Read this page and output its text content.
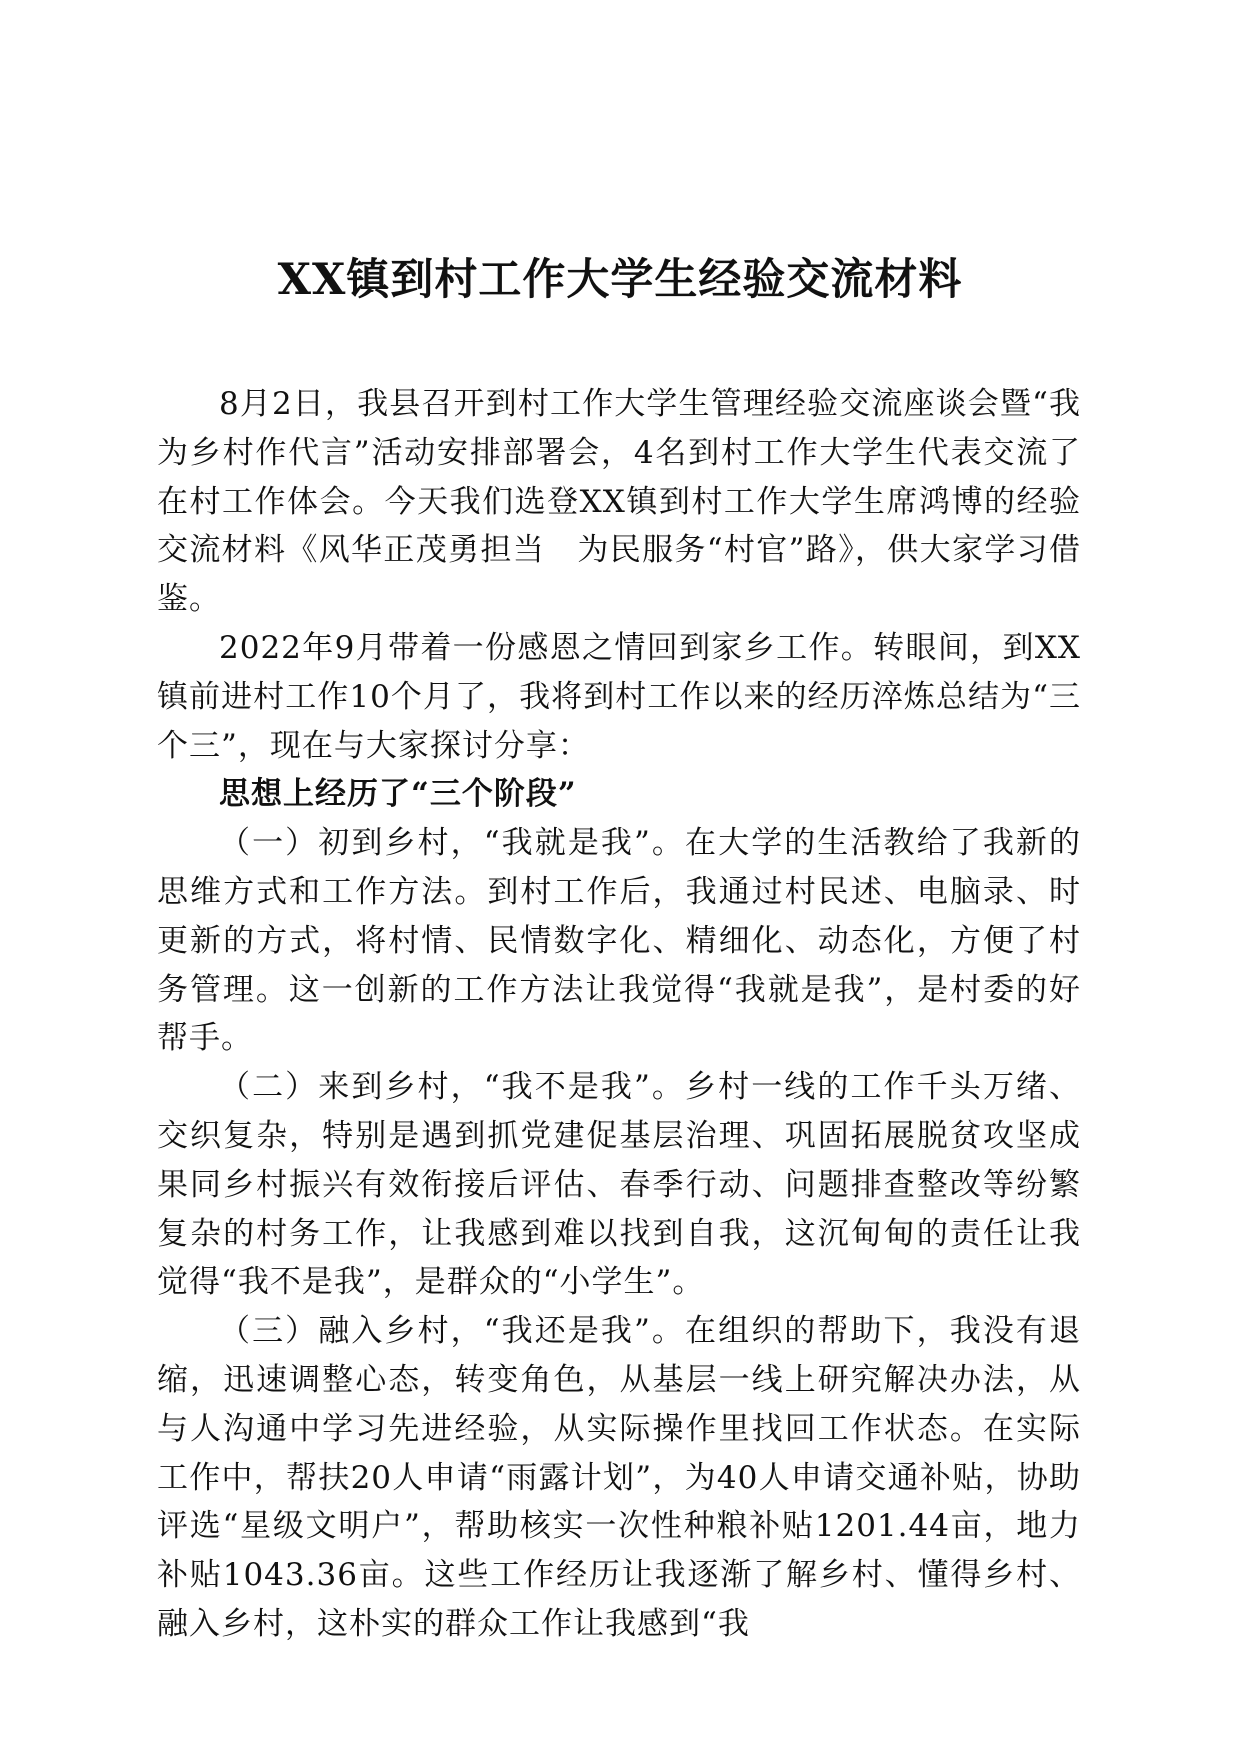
XX镇到村工作大学生经验交流材料

8月2日，我县召开到村工作大学生管理经验交流座谈会暨“我为乡村作代言”活动安排部署会，4名到村工作大学生代表交流了在村工作体会。今天我们选登XX镇到村工作大学生席鸿博的经验交流材料《风华正茂勇担当　为民服务“村官”路》，供大家学习借鉴。

2022年9月带着一份感恩之情回到家乡工作。转眼间，到XX镇前进村工作10个月了，我将到村工作以来的经历淬炼总结为“三个三”，现在与大家探讨分享：

思想上经历了“三个阶段”

（一）初到乡村，“我就是我”。在大学的生活教给了我新的思维方式和工作方法。到村工作后，我通过村民述、电脑录、时更新的方式，将村情、民情数字化、精细化、动态化，方便了村务管理。这一创新的工作方法让我觉得“我就是我”，是村委的好帮手。

（二）来到乡村，“我不是我”。乡村一线的工作千头万绪、交织复杂，特别是遇到抓党建促基层治理、巩固拓展脱贫攻坚成果同乡村振兴有效衔接后评估、春季行动、问题排查整改等纷繁复杂的村务工作，让我感到难以找到自我，这沉甸甸的责任让我觉得“我不是我”，是群众的“小学生”。

（三）融入乡村，“我还是我”。在组织的帮助下，我没有退缩，迅速调整心态，转变角色，从基层一线上研究解决办法，从与人沟通中学习先进经验，从实际操作里找回工作状态。在实际工作中，帮扶20人申请“雨露计划”，为40人申请交通补贴，协助评选“星级文明户”，帮助核实一次性种粮补贴1201.44亩，地力补贴1043.36亩。这些工作经历让我逐渐了解乡村、懂得乡村、融入乡村，这朴实的群众工作让我感到“我
